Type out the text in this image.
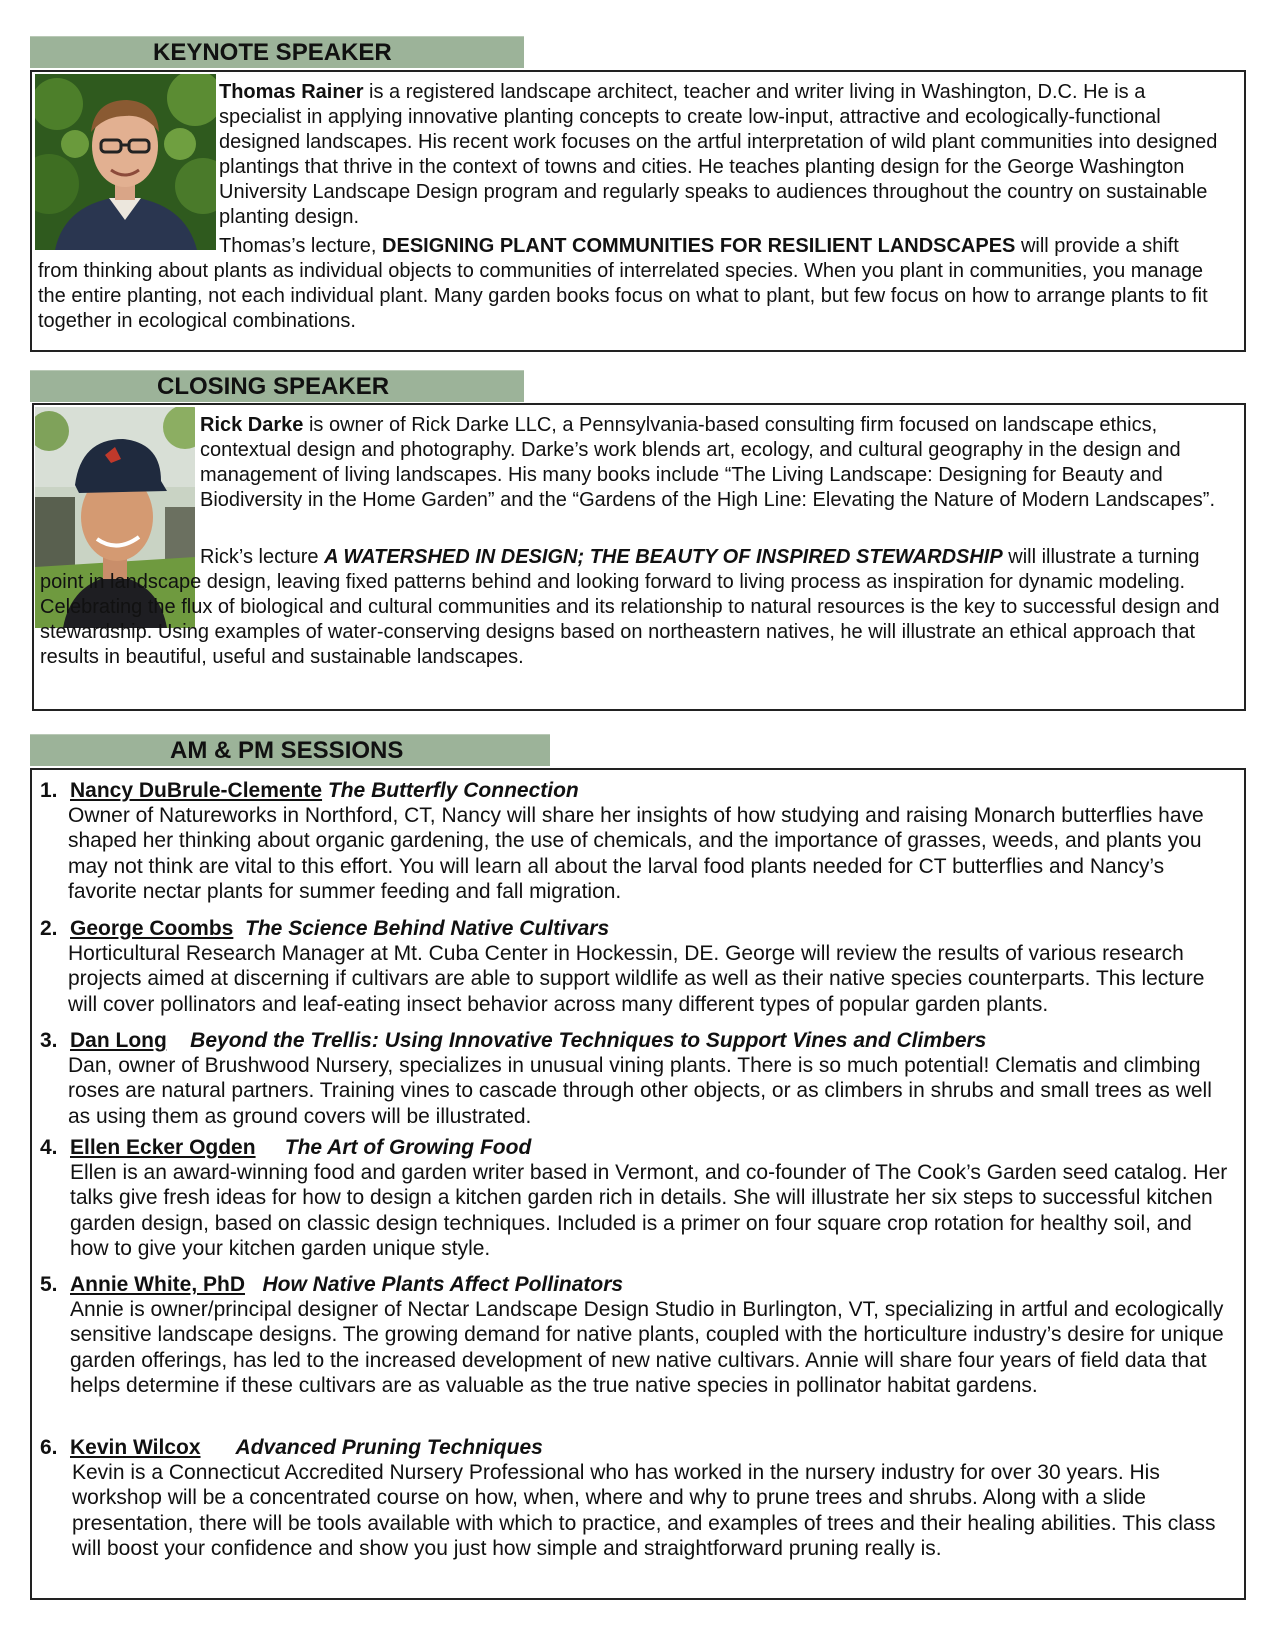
KEYNOTE SPEAKER

Thomas Rainer is a registered landscape architect, teacher and writer living in Washington, D.C. He is a specialist in applying innovative planting concepts to create low-input, attractive and ecologically-functional designed landscapes. His recent work focuses on the artful interpretation of wild plant communities into designed plantings that thrive in the context of towns and cities. He teaches planting design for the George Washington University Landscape Design program and regularly speaks to audiences throughout the country on sustainable planting design.

Thomas’s lecture, DESIGNING PLANT COMMUNITIES FOR RESILIENT LANDSCAPES will provide a shift from thinking about plants as individual objects to communities of interrelated species. When you plant in communities, you manage the entire planting, not each individual plant. Many garden books focus on what to plant, but few focus on how to arrange plants to fit together in ecological combinations.

CLOSING SPEAKER

Rick Darke is owner of Rick Darke LLC, a Pennsylvania-based consulting firm focused on landscape ethics, contextual design and photography. Darke’s work blends art, ecology, and cultural geography in the design and management of living landscapes. His many books include “The Living Landscape: Designing for Beauty and Biodiversity in the Home Garden” and the “Gardens of the High Line: Elevating the Nature of Modern Landscapes”.

Rick’s lecture A WATERSHED IN DESIGN; THE BEAUTY OF INSPIRED STEWARDSHIP will illustrate a turning point in landscape design, leaving fixed patterns behind and looking forward to living process as inspiration for dynamic modeling. Celebrating the flux of biological and cultural communities and its relationship to natural resources is the key to successful design and stewardship. Using examples of water-conserving designs based on northeastern natives, he will illustrate an ethical approach that results in beautiful, useful and sustainable landscapes.

AM & PM SESSIONS
1. Nancy DuBrule-Clemente The Butterfly Connection

Owner of Natureworks in Northford, CT, Nancy will share her insights of how studying and raising Monarch butterflies have shaped her thinking about organic gardening, the use of chemicals, and the importance of grasses, weeds, and plants you may not think are vital to this effort. You will learn all about the larval food plants needed for CT butterflies and Nancy’s favorite nectar plants for summer feeding and fall migration.

2. George Coombs The Science Behind Native Cultivars

Horticultural Research Manager at Mt. Cuba Center in Hockessin, DE. George will review the results of various research projects aimed at discerning if cultivars are able to support wildlife as well as their native species counterparts. This lecture will cover pollinators and leaf-eating insect behavior across many different types of popular garden plants.

3. Dan Long Beyond the Trellis: Using Innovative Techniques to Support Vines and Climbers

Dan, owner of Brushwood Nursery, specializes in unusual vining plants. There is so much potential! Clematis and climbing roses are natural partners. Training vines to cascade through other objects, or as climbers in shrubs and small trees as well as using them as ground covers will be illustrated.

4. Ellen Ecker Ogden The Art of Growing Food

Ellen is an award-winning food and garden writer based in Vermont, and co-founder of The Cook’s Garden seed catalog. Her talks give fresh ideas for how to design a kitchen garden rich in details. She will illustrate her six steps to successful kitchen garden design, based on classic design techniques. Included is a primer on four square crop rotation for healthy soil, and how to give your kitchen garden unique style.

5. Annie White, PhD How Native Plants Affect Pollinators

Annie is owner/principal designer of Nectar Landscape Design Studio in Burlington, VT, specializing in artful and ecologically sensitive landscape designs. The growing demand for native plants, coupled with the horticulture industry’s desire for unique garden offerings, has led to the increased development of new native cultivars. Annie will share four years of field data that helps determine if these cultivars are as valuable as the true native species in pollinator habitat gardens.

6. Kevin Wilcox Advanced Pruning Techniques

Kevin is a Connecticut Accredited Nursery Professional who has worked in the nursery industry for over 30 years. His workshop will be a concentrated course on how, when, where and why to prune trees and shrubs. Along with a slide presentation, there will be tools available with which to practice, and examples of trees and their healing abilities. This class will boost your confidence and show you just how simple and straightforward pruning really is.
